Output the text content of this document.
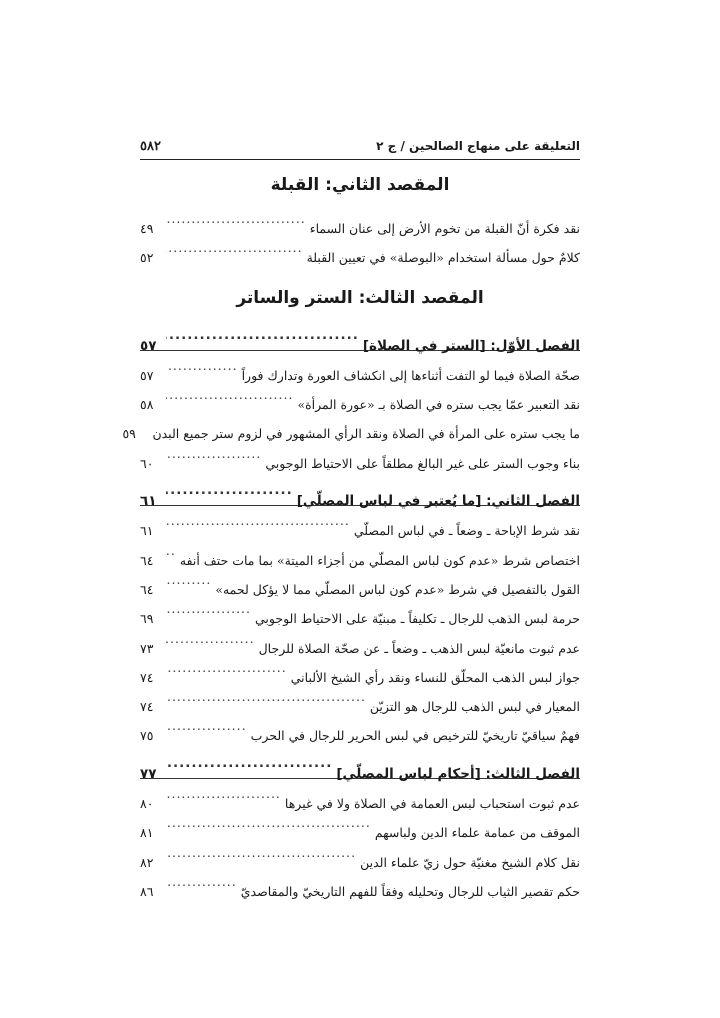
٥٨٢	التعليقة على منهاج الصالحين / ج ٢
المقصد الثاني: القبلة
نقد فكرة أنّ القبلة من تخوم الأرض إلى عنان السماء
.....
٤٩
كلامٌ حول مسألة استخدام «البوصلة» في تعيين القبلة
.....
٥٢
المقصد الثالث: الستر والساتر
الفصل الأوّل: [الستر في الصلاة]
.....
٥٧
صحّة الصلاة فيما لو التفت أثناءها إلى انكشاف العورة وتدارك فوراً
.....
٥٧
نقد التعبير عمّا يجب ستره في الصلاة بـ «عورة المرأة»
.....
٥٨
ما يجب ستره على المرأة في الصلاة ونقد الرأي المشهور في لزوم ستر جميع البدن
٥٩
بناء وجوب الستر على غير البالغ مطلقاً على الاحتياط الوجوبي
.....
٦٠
الفصل الثاني: [ما يُعتبر في لباس المصلّي]
.....
٦١
نقد شرط الإباحة ـ وضعاً ـ في لباس المصلّي
.....
٦١
اختصاص شرط «عدم كون لباس المصلّي من أجزاء الميتة» بما مات حتف أنفه
.....
٦٤
القول بالتفصيل في شرط «عدم كون لباس المصلّي مما لا يؤكل لحمه»
.....
٦٤
حرمة لبس الذهب للرجال ـ تكليفاً ـ مبنيّة على الاحتياط الوجوبي
.....
٦٩
عدم ثبوت مانعيّة لبس الذهب ـ وضعاً ـ عن صحّة الصلاة للرجال
.....
٧٣
جواز لبس الذهب المحلّق للنساء ونقد رأي الشيخ الألباني
.....
٧٤
المعيار في لبس الذهب للرجال هو التزيّن
.....
٧٤
فهمٌ سياقيّ تاريخيّ للترخيص في لبس الحرير للرجال في الحرب
.....
٧٥
الفصل الثالث: [أحكام لباس المصلّي]
.....
٧٧
عدم ثبوت استحباب لبس العمامة في الصلاة ولا في غيرها
.....
٨٠
الموقف من عمامة علماء الدين ولباسهم
.....
٨١
نقل كلام الشيخ مغنيّة حول زيّ علماء الدين
.....
٨٢
حكم تقصير الثياب للرجال وتحليله وفقاً للفهم التاريخيّ والمقاصديّ
.....
٨٦
